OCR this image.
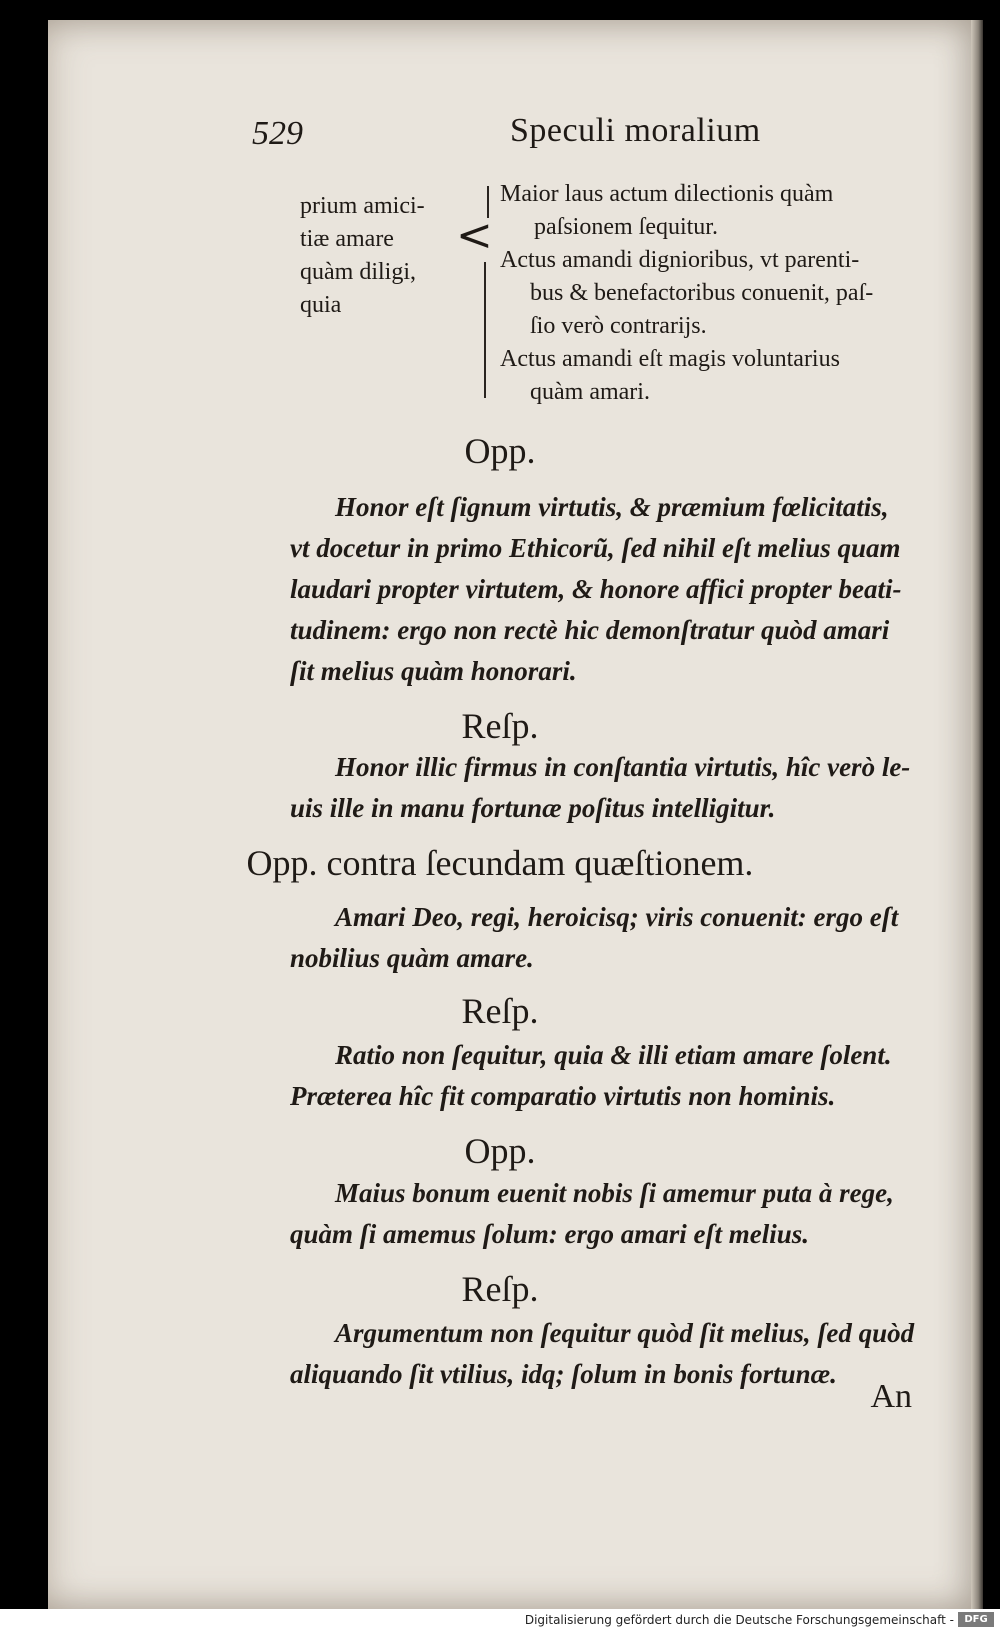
529	Speculi moralium
prium amici-
tiæ amare
quàm diligi,
quia
<
Maior laus actum dilectionis quàm
paſsionem ſequitur.
Actus amandi dignioribus, vt parenti-
bus & benefactoribus conuenit, paſ-
ſio verò contrarijs.
Actus amandi eſt magis voluntarius
quàm amari.
Opp.
Honor eſt ſignum virtutis, & præmium fœlicitatis,
vt docetur in primo Ethicorũ, ſed nihil eſt melius quam
laudari propter virtutem, & honore affici propter beati-
tudinem: ergo non rectè hic demonſtratur quòd amari
ſit melius quàm honorari.
Reſp.
Honor illic firmus in conſtantia virtutis, hîc verò le-
uis ille in manu fortunæ poſitus intelligitur.
Opp. contra ſecundam quæſtionem.
Amari Deo, regi, heroicisq; viris conuenit: ergo eſt
nobilius quàm amare.
Reſp.
Ratio non ſequitur, quia & illi etiam amare ſolent.
Præterea hîc fit comparatio virtutis non hominis.
Opp.
Maius bonum euenit nobis ſi amemur puta à rege,
quàm ſi amemus ſolum: ergo amari eſt melius.
Reſp.
Argumentum non ſequitur quòd ſit melius, ſed quòd
aliquando ſit vtilius, idq; ſolum in bonis fortunæ.
An
Digitalisierung gefördert durch die Deutsche Forschungsgemeinschaft -	DFG
